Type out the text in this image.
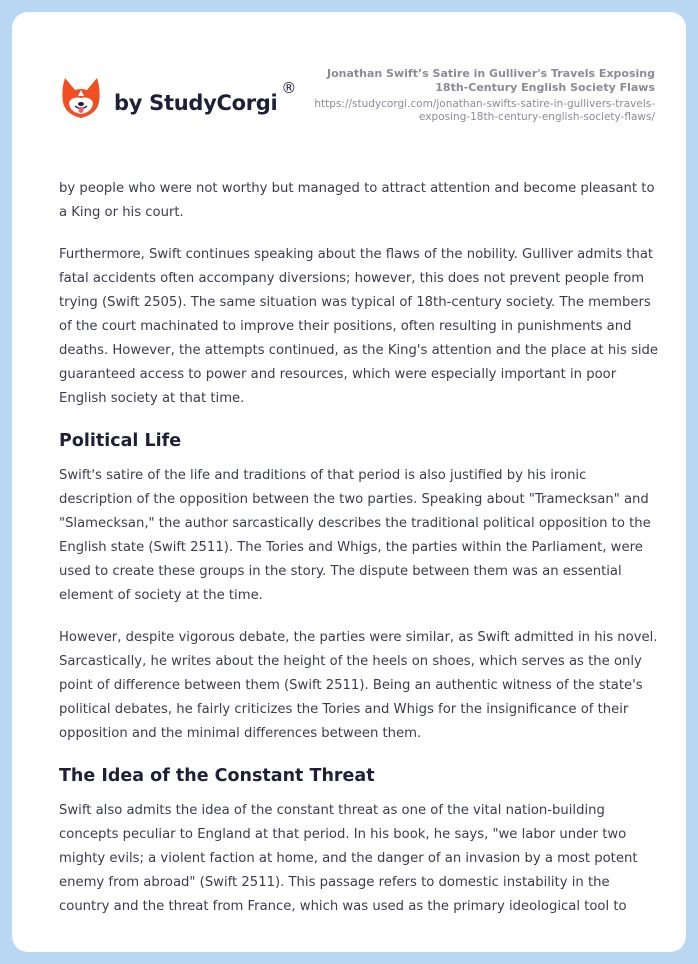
by StudyCorgi
®
Jonathan Swift’s Satire in Gulliver's Travels Exposing 18th-Century English Society Flaws
https://studycorgi.com/jonathan-swifts-satire-in-gullivers-travels-exposing-18th-century-english-society-flaws/

by people who were not worthy but managed to attract attention and become pleasant to a King or his court.

Furthermore, Swift continues speaking about the flaws of the nobility. Gulliver admits that fatal accidents often accompany diversions; however, this does not prevent people from trying (Swift 2505). The same situation was typical of 18th-century society. The members of the court machinated to improve their positions, often resulting in punishments and deaths. However, the attempts continued, as the King's attention and the place at his side guaranteed access to power and resources, which were especially important in poor English society at that time.

Political Life

Swift's satire of the life and traditions of that period is also justified by his ironic description of the opposition between the two parties. Speaking about "Tramecksan" and "Slamecksan," the author sarcastically describes the traditional political opposition to the English state (Swift 2511). The Tories and Whigs, the parties within the Parliament, were used to create these groups in the story. The dispute between them was an essential element of society at the time.

However, despite vigorous debate, the parties were similar, as Swift admitted in his novel. Sarcastically, he writes about the height of the heels on shoes, which serves as the only point of difference between them (Swift 2511). Being an authentic witness of the state's political debates, he fairly criticizes the Tories and Whigs for the insignificance of their opposition and the minimal differences between them.

The Idea of the Constant Threat

Swift also admits the idea of the constant threat as one of the vital nation-building concepts peculiar to England at that period. In his book, he says, "we labor under two mighty evils; a violent faction at home, and the danger of an invasion by a most potent enemy from abroad" (Swift 2511). This passage refers to domestic instability in the country and the threat from France, which was used as the primary ideological tool to
